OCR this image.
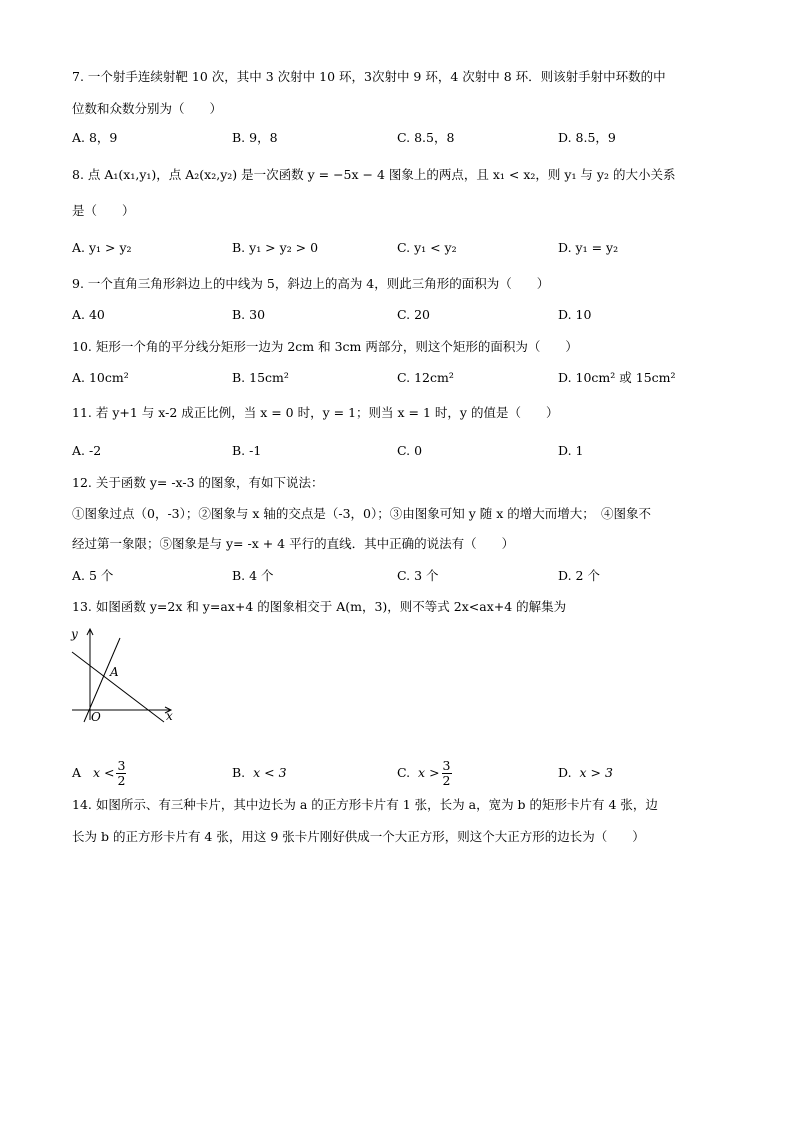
7. 一个射手连续射靶 10 次，其中 3 次射中 10 环，3次射中 9 环，4 次射中 8 环．则该射手射中环数的中
位数和众数分别为（　　）
A. 8，9	B. 9，8	C. 8.5，8	D. 8.5，9
8. 点 A₁(x₁,y₁)，点 A₂(x₂,y₂) 是一次函数 y = −5x − 4 图象上的两点，且 x₁ < x₂，则 y₁ 与 y₂ 的大小关系
是（　　）
A. y₁ > y₂	B. y₁ > y₂ > 0	C. y₁ < y₂	D. y₁ = y₂
9. 一个直角三角形斜边上的中线为 5，斜边上的高为 4，则此三角形的面积为（　　）
A. 40	B. 30	C. 20	D. 10
10. 矩形一个角的平分线分矩形一边为 2cm 和 3cm 两部分，则这个矩形的面积为（　　）
A. 10cm²	B. 15cm²	C. 12cm²	D. 10cm² 或 15cm²
11. 若 y+1 与 x-2 成正比例，当 x = 0 时，y = 1；则当 x = 1 时，y 的值是（　　）
A. -2	B. -1	C. 0	D. 1
12. 关于函数 y= -x-3 的图象，有如下说法：
①图象过点（0，-3）；②图象与 x 轴的交点是（-3，0）；③由图象可知 y 随 x 的增大而增大；　④图象不
经过第一象限；⑤图象是与 y= -x + 4 平行的直线．其中正确的说法有（　　）
A. 5 个	B. 4 个	C. 3 个	D. 2 个
13. 如图函数 y=2x 和 y=ax+4 的图象相交于 A(m，3)，则不等式 2x<ax+4 的解集为
y
x
A
O
A $x < \frac{3}{2}$	B. x < 3	C. $x > \frac{3}{2}$	D. x > 3
14. 如图所示、有三种卡片，其中边长为 a 的正方形卡片有 1 张，长为 a，宽为 b 的矩形卡片有 4 张，边
长为 b 的正方形卡片有 4 张，用这 9 张卡片刚好供成一个大正方形，则这个大正方形的边长为（　　）
